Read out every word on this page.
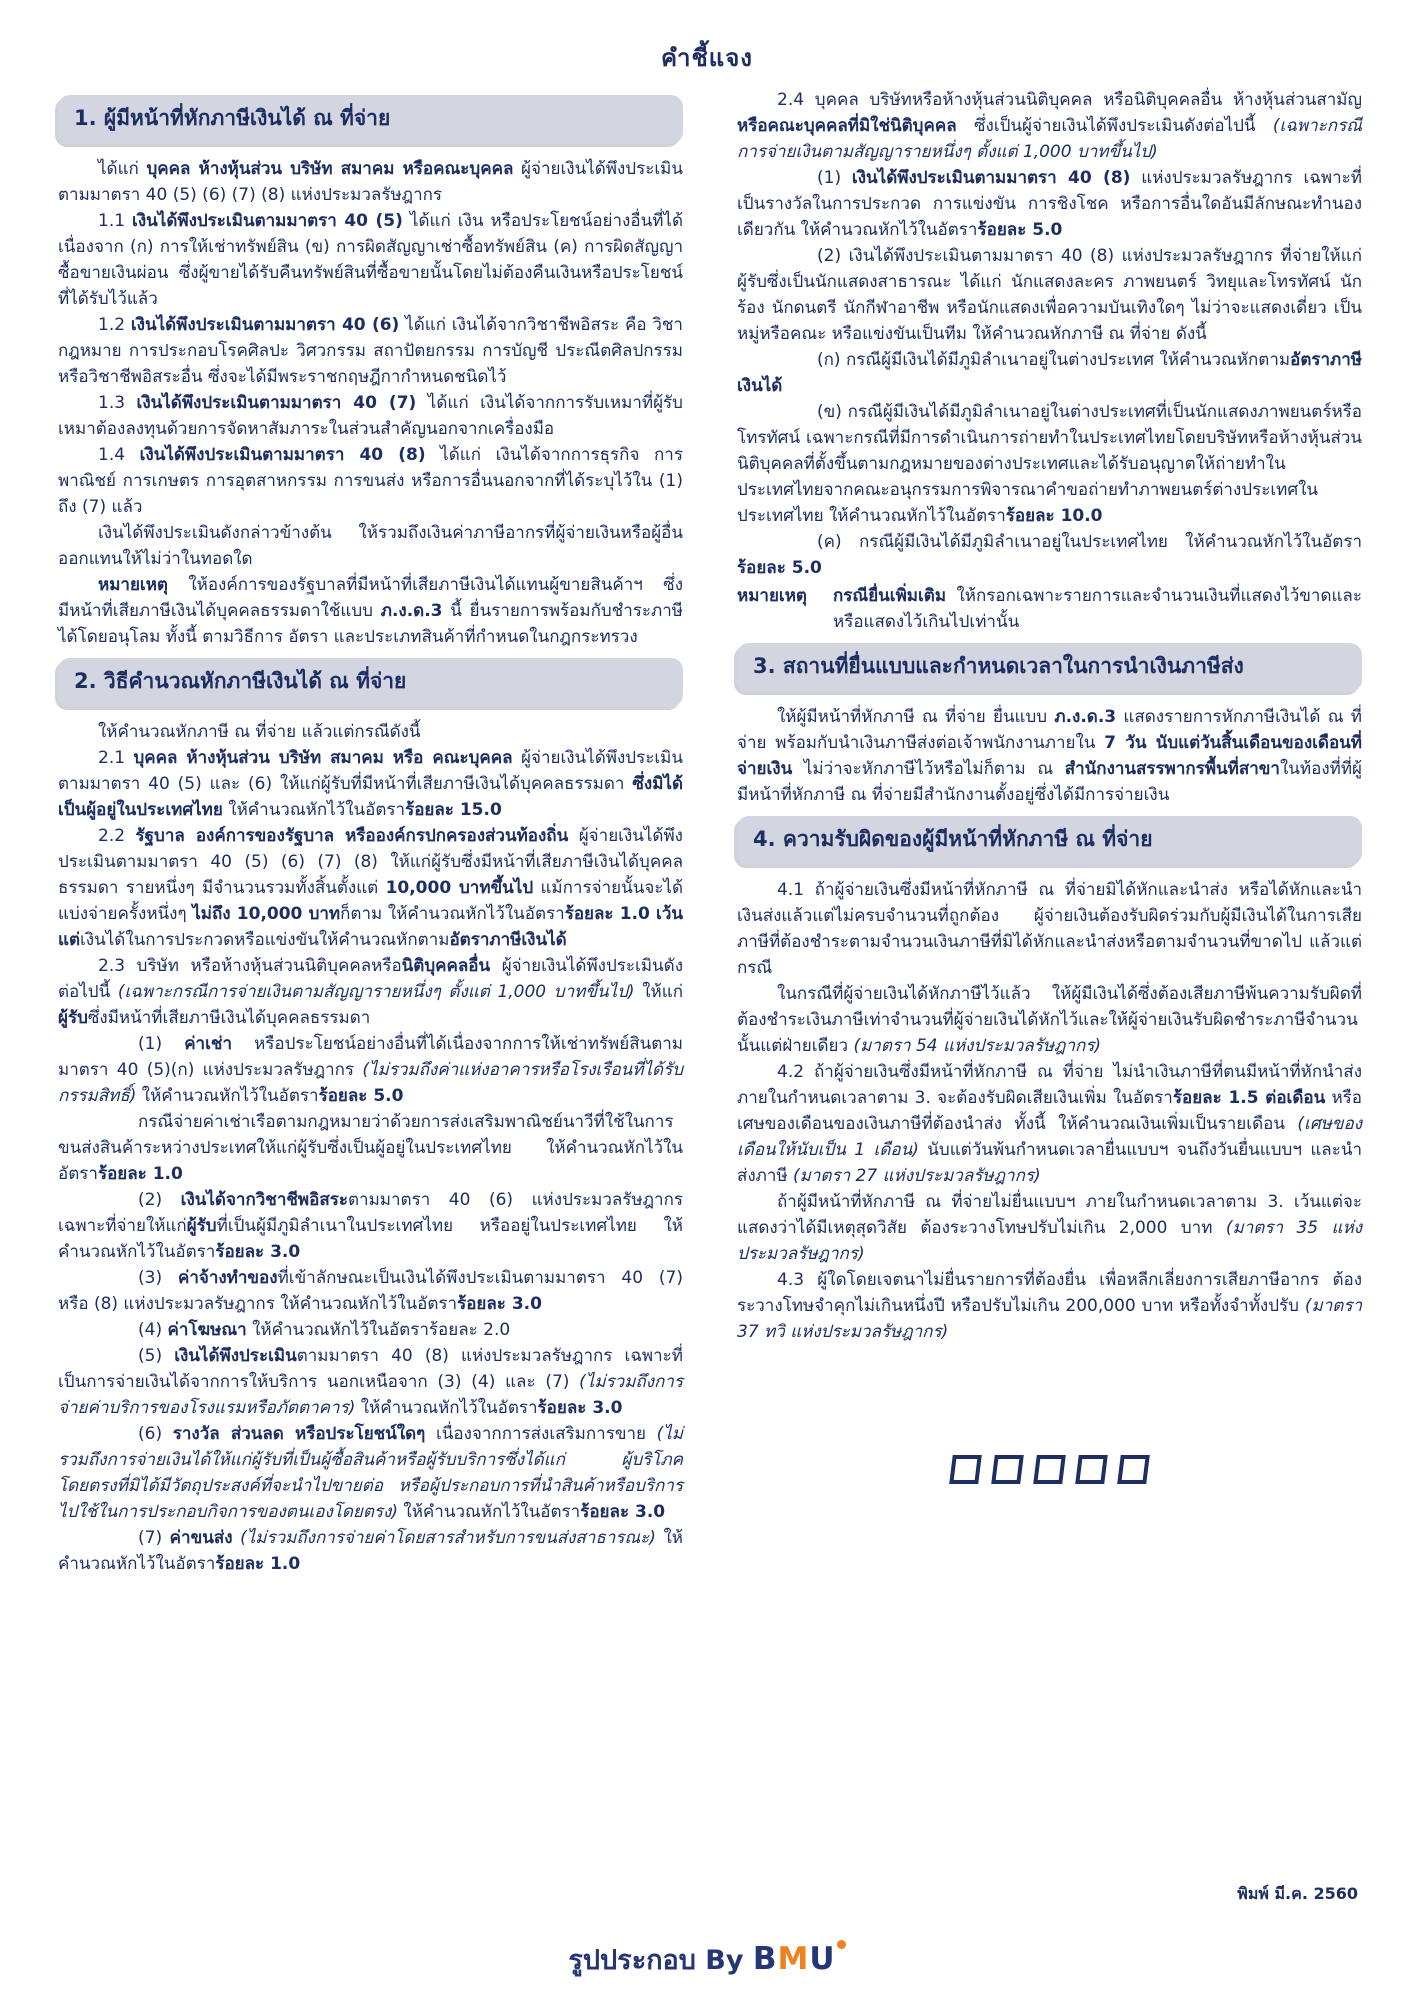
คำชี้แจง
1. ผู้มีหน้าที่หักภาษีเงินได้ ณ ที่จ่าย

ได้แก่ บุคคล ห้างหุ้นส่วน บริษัท สมาคม หรือคณะบุคคล ผู้จ่ายเงินได้พึงประเมินตามมาตรา 40 (5) (6) (7) (8) แห่งประมวลรัษฎากร

1.1 เงินได้พึงประเมินตามมาตรา 40 (5) ได้แก่ เงิน หรือประโยชน์อย่างอื่นที่ได้เนื่องจาก (ก) การให้เช่าทรัพย์สิน (ข) การผิดสัญญาเช่าซื้อทรัพย์สิน (ค) การผิดสัญญาซื้อขายเงินผ่อน ซึ่งผู้ขายได้รับคืนทรัพย์สินที่ซื้อขายนั้นโดยไม่ต้องคืนเงินหรือประโยชน์ที่ได้รับไว้แล้ว

1.2 เงินได้พึงประเมินตามมาตรา 40 (6) ได้แก่ เงินได้จากวิชาชีพอิสระ คือ วิชากฎหมาย การประกอบโรคศิลปะ วิศวกรรม สถาปัตยกรรม การบัญชี ประณีตศิลปกรรม หรือวิชาชีพอิสระอื่น ซึ่งจะได้มีพระราชกฤษฎีกากำหนดชนิดไว้

1.3 เงินได้พึงประเมินตามมาตรา 40 (7) ได้แก่ เงินได้จากการรับเหมาที่ผู้รับเหมาต้องลงทุนด้วยการจัดหาสัมภาระในส่วนสำคัญนอกจากเครื่องมือ

1.4 เงินได้พึงประเมินตามมาตรา 40 (8) ได้แก่ เงินได้จากการธุรกิจ การพาณิชย์ การเกษตร การอุตสาหกรรม การขนส่ง หรือการอื่นนอกจากที่ได้ระบุไว้ใน (1) ถึง (7) แล้ว

เงินได้พึงประเมินดังกล่าวข้างต้น ให้รวมถึงเงินค่าภาษีอากรที่ผู้จ่ายเงินหรือผู้อื่นออกแทนให้ไม่ว่าในทอดใด

หมายเหตุ ให้องค์การของรัฐบาลที่มีหน้าที่เสียภาษีเงินได้แทนผู้ขายสินค้าฯ ซึ่งมีหน้าที่เสียภาษีเงินได้บุคคลธรรมดาใช้แบบ ภ.ง.ด.3 นี้ ยื่นรายการพร้อมกับชำระภาษีได้โดยอนุโลม ทั้งนี้ ตามวิธีการ อัตรา และประเภทสินค้าที่กำหนดในกฎกระทรวง

2. วิธีคำนวณหักภาษีเงินได้ ณ ที่จ่าย

ให้คำนวณหักภาษี ณ ที่จ่าย แล้วแต่กรณีดังนี้

2.1 บุคคล ห้างหุ้นส่วน บริษัท สมาคม หรือ คณะบุคคล ผู้จ่ายเงินได้พึงประเมินตามมาตรา 40 (5) และ (6) ให้แก่ผู้รับที่มีหน้าที่เสียภาษีเงินได้บุคคลธรรมดา ซึ่งมิได้เป็นผู้อยู่ในประเทศไทย ให้คำนวณหักไว้ในอัตราร้อยละ 15.0

2.2 รัฐบาล องค์การของรัฐบาล หรือองค์กรปกครองส่วนท้องถิ่น ผู้จ่ายเงินได้พึงประเมินตามมาตรา 40 (5) (6) (7) (8) ให้แก่ผู้รับซึ่งมีหน้าที่เสียภาษีเงินได้บุคคลธรรมดา รายหนึ่งๆ มีจำนวนรวมทั้งสิ้นตั้งแต่ 10,000 บาทขึ้นไป แม้การจ่ายนั้นจะได้แบ่งจ่ายครั้งหนึ่งๆ ไม่ถึง 10,000 บาทก็ตาม ให้คำนวณหักไว้ในอัตราร้อยละ 1.0 เว้นแต่เงินได้ในการประกวดหรือแข่งขันให้คำนวณหักตามอัตราภาษีเงินได้

2.3 บริษัท หรือห้างหุ้นส่วนนิติบุคคลหรือนิติบุคคลอื่น ผู้จ่ายเงินได้พึงประเมินดังต่อไปนี้ (เฉพาะกรณีการจ่ายเงินตามสัญญารายหนึ่งๆ ตั้งแต่ 1,000 บาทขึ้นไป) ให้แก่ผู้รับซึ่งมีหน้าที่เสียภาษีเงินได้บุคคลธรรมดา

(1) ค่าเช่า หรือประโยชน์อย่างอื่นที่ได้เนื่องจากการให้เช่าทรัพย์สินตามมาตรา 40 (5)(ก) แห่งประมวลรัษฎากร (ไม่รวมถึงค่าแห่งอาคารหรือโรงเรือนที่ได้รับกรรมสิทธิ์) ให้คำนวณหักไว้ในอัตราร้อยละ 5.0

กรณีจ่ายค่าเช่าเรือตามกฎหมายว่าด้วยการส่งเสริมพาณิชย์นาวีที่ใช้ในการขนส่งสินค้าระหว่างประเทศให้แก่ผู้รับซึ่งเป็นผู้อยู่ในประเทศไทย ให้คำนวณหักไว้ในอัตราร้อยละ 1.0

(2) เงินได้จากวิชาชีพอิสระตามมาตรา 40 (6) แห่งประมวลรัษฎากร เฉพาะที่จ่ายให้แก่ผู้รับที่เป็นผู้มีภูมิลำเนาในประเทศไทย หรืออยู่ในประเทศไทย ให้คำนวณหักไว้ในอัตราร้อยละ 3.0

(3) ค่าจ้างทำของที่เข้าลักษณะเป็นเงินได้พึงประเมินตามมาตรา 40 (7) หรือ (8) แห่งประมวลรัษฎากร ให้คำนวณหักไว้ในอัตราร้อยละ 3.0

(4) ค่าโฆษณา ให้คำนวณหักไว้ในอัตราร้อยละ 2.0

(5) เงินได้พึงประเมินตามมาตรา 40 (8) แห่งประมวลรัษฎากร เฉพาะที่เป็นการจ่ายเงินได้จากการให้บริการ นอกเหนือจาก (3) (4) และ (7) (ไม่รวมถึงการจ่ายค่าบริการของโรงแรมหรือภัตตาคาร) ให้คำนวณหักไว้ในอัตราร้อยละ 3.0

(6) รางวัล ส่วนลด หรือประโยชน์ใดๆ เนื่องจากการส่งเสริมการขาย (ไม่รวมถึงการจ่ายเงินได้ให้แก่ผู้รับที่เป็นผู้ซื้อสินค้าหรือผู้รับบริการซึ่งได้แก่ ผู้บริโภคโดยตรงที่มิได้มีวัตถุประสงค์ที่จะนำไปขายต่อ หรือผู้ประกอบการที่นำสินค้าหรือบริการไปใช้ในการประกอบกิจการของตนเองโดยตรง) ให้คำนวณหักไว้ในอัตราร้อยละ 3.0

(7) ค่าขนส่ง (ไม่รวมถึงการจ่ายค่าโดยสารสำหรับการขนส่งสาธารณะ) ให้คำนวณหักไว้ในอัตราร้อยละ 1.0

2.4 บุคคล บริษัทหรือห้างหุ้นส่วนนิติบุคคล หรือนิติบุคคลอื่น ห้างหุ้นส่วนสามัญ หรือคณะบุคคลที่มิใช่นิติบุคคล ซึ่งเป็นผู้จ่ายเงินได้พึงประเมินดังต่อไปนี้ (เฉพาะกรณีการจ่ายเงินตามสัญญารายหนึ่งๆ ตั้งแต่ 1,000 บาทขึ้นไป)

(1) เงินได้พึงประเมินตามมาตรา 40 (8) แห่งประมวลรัษฎากร เฉพาะที่เป็นรางวัลในการประกวด การแข่งขัน การชิงโชค หรือการอื่นใดอันมีลักษณะทำนองเดียวกัน ให้คำนวณหักไว้ในอัตราร้อยละ 5.0

(2) เงินได้พึงประเมินตามมาตรา 40 (8) แห่งประมวลรัษฎากร ที่จ่ายให้แก่ผู้รับซึ่งเป็นนักแสดงสาธารณะ ได้แก่ นักแสดงละคร ภาพยนตร์ วิทยุและโทรทัศน์ นักร้อง นักดนตรี นักกีฬาอาชีพ หรือนักแสดงเพื่อความบันเทิงใดๆ ไม่ว่าจะแสดงเดี่ยว เป็นหมู่หรือคณะ หรือแข่งขันเป็นทีม ให้คำนวณหักภาษี ณ ที่จ่าย ดังนี้

(ก) กรณีผู้มีเงินได้มีภูมิลำเนาอยู่ในต่างประเทศ ให้คำนวณหักตามอัตราภาษีเงินได้

(ข) กรณีผู้มีเงินได้มีภูมิลำเนาอยู่ในต่างประเทศที่เป็นนักแสดงภาพยนตร์หรือโทรทัศน์ เฉพาะกรณีที่มีการดำเนินการถ่ายทำในประเทศไทยโดยบริษัทหรือห้างหุ้นส่วนนิติบุคคลที่ตั้งขึ้นตามกฎหมายของต่างประเทศและได้รับอนุญาตให้ถ่ายทำในประเทศไทยจากคณะอนุกรรมการพิจารณาคำขอถ่ายทำภาพยนตร์ต่างประเทศในประเทศไทย ให้คำนวณหักไว้ในอัตราร้อยละ 10.0

(ค) กรณีผู้มีเงินได้มีภูมิลำเนาอยู่ในประเทศไทย ให้คำนวณหักไว้ในอัตราร้อยละ 5.0

หมายเหตุ	กรณียื่นเพิ่มเติม ให้กรอกเฉพาะรายการและจำนวนเงินที่แสดงไว้ขาดและหรือแสดงไว้เกินไปเท่านั้น
3. สถานที่ยื่นแบบและกำหนดเวลาในการนำเงินภาษีส่ง

ให้ผู้มีหน้าที่หักภาษี ณ ที่จ่าย ยื่นแบบ ภ.ง.ด.3 แสดงรายการหักภาษีเงินได้ ณ ที่จ่าย พร้อมกับนำเงินภาษีส่งต่อเจ้าพนักงานภายใน 7 วัน นับแต่วันสิ้นเดือนของเดือนที่จ่ายเงิน ไม่ว่าจะหักภาษีไว้หรือไม่ก็ตาม ณ สำนักงานสรรพากรพื้นที่สาขาในท้องที่ที่ผู้มีหน้าที่หักภาษี ณ ที่จ่ายมีสำนักงานตั้งอยู่ซึ่งได้มีการจ่ายเงิน

4. ความรับผิดของผู้มีหน้าที่หักภาษี ณ ที่จ่าย

4.1 ถ้าผู้จ่ายเงินซึ่งมีหน้าที่หักภาษี ณ ที่จ่ายมิได้หักและนำส่ง หรือได้หักและนำเงินส่งแล้วแต่ไม่ครบจำนวนที่ถูกต้อง ผู้จ่ายเงินต้องรับผิดร่วมกับผู้มีเงินได้ในการเสียภาษีที่ต้องชำระตามจำนวนเงินภาษีที่มิได้หักและนำส่งหรือตามจำนวนที่ขาดไป แล้วแต่กรณี

ในกรณีที่ผู้จ่ายเงินได้หักภาษีไว้แล้ว ให้ผู้มีเงินได้ซึ่งต้องเสียภาษีพ้นความรับผิดที่ต้องชำระเงินภาษีเท่าจำนวนที่ผู้จ่ายเงินได้หักไว้และให้ผู้จ่ายเงินรับผิดชำระภาษีจำนวนนั้นแต่ฝ่ายเดียว (มาตรา 54 แห่งประมวลรัษฎากร)

4.2 ถ้าผู้จ่ายเงินซึ่งมีหน้าที่หักภาษี ณ ที่จ่าย ไม่นำเงินภาษีที่ตนมีหน้าที่หักนำส่งภายในกำหนดเวลาตาม 3. จะต้องรับผิดเสียเงินเพิ่ม ในอัตราร้อยละ 1.5 ต่อเดือน หรือเศษของเดือนของเงินภาษีที่ต้องนำส่ง ทั้งนี้ ให้คำนวณเงินเพิ่มเป็นรายเดือน (เศษของเดือนให้นับเป็น 1 เดือน) นับแต่วันพ้นกำหนดเวลายื่นแบบฯ จนถึงวันยื่นแบบฯ และนำส่งภาษี (มาตรา 27 แห่งประมวลรัษฎากร)

ถ้าผู้มีหน้าที่หักภาษี ณ ที่จ่ายไม่ยื่นแบบฯ ภายในกำหนดเวลาตาม 3. เว้นแต่จะแสดงว่าได้มีเหตุสุดวิสัย ต้องระวางโทษปรับไม่เกิน 2,000 บาท (มาตรา 35 แห่งประมวลรัษฎากร)

4.3 ผู้ใดโดยเจตนาไม่ยื่นรายการที่ต้องยื่น เพื่อหลีกเลี่ยงการเสียภาษีอากร ต้องระวางโทษจำคุกไม่เกินหนึ่งปี หรือปรับไม่เกิน 200,000 บาท หรือทั้งจำทั้งปรับ (มาตรา 37 ทวิ แห่งประมวลรัษฎากร)

พิมพ์ มี.ค. 2560
รูปประกอบ By BMU
